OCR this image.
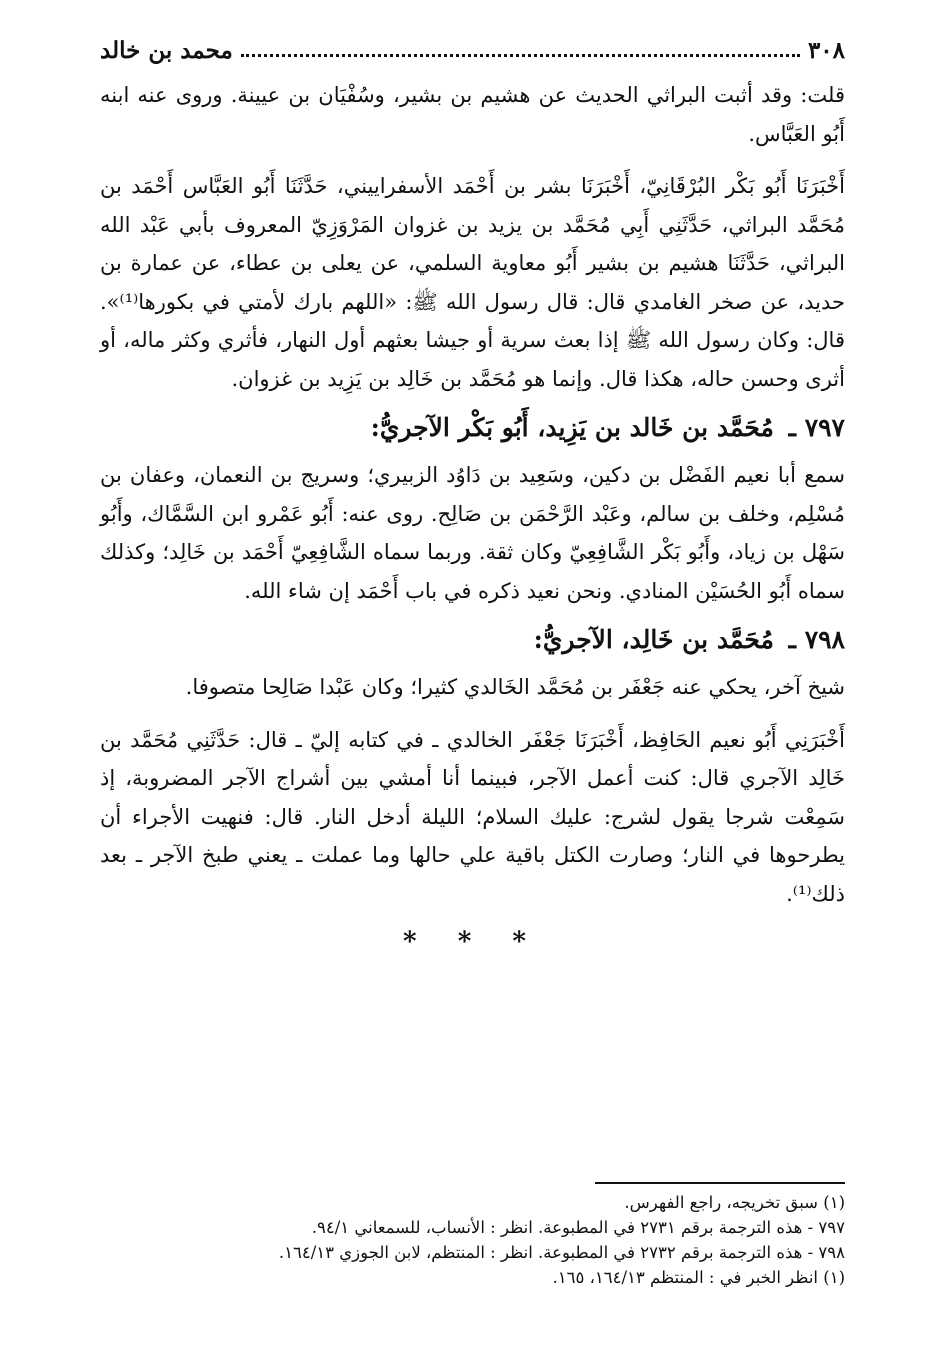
٣٠٨
محمد بن خالد

قلت: وقد أثبت البراثي الحديث عن هشيم بن بشير، وسُفْيَان بن عيينة. وروى عنه ابنه أَبُو العَبَّاس.

أَخْبَرَنَا أَبُو بَكْر البُرْقَانِيّ، أَخْبَرَنَا بشر بن أَحْمَد الأسفراييني، حَدَّثَنَا أَبُو العَبَّاس أَحْمَد بن مُحَمَّد البراثي، حَدَّثَنِي أَبِي مُحَمَّد بن يزيد بن غزوان المَرْوَزِيّ المعروف بأبي عَبْد الله البراثي، حَدَّثَنَا هشيم بن بشير أَبُو معاوية السلمي، عن يعلى بن عطاء، عن عمارة بن حديد، عن صخر الغامدي قال: قال رسول الله ﷺ: «اللهم بارك لأمتي في بكورها⁽¹⁾». قال: وكان رسول الله ﷺ إذا بعث سرية أو جيشا بعثهم أول النهار، فأثري وكثر ماله، أو أثرى وحسن حاله، هكذا قال. وإنما هو مُحَمَّد بن خَالِد بن يَزِيد بن غزوان.

٧٩٧ ـ مُحَمَّد بن خَالد بن يَزِيد، أَبُو بَكْر الآجريُّ:

سمع أبا نعيم الفَضْل بن دكين، وسَعِيد بن دَاوُد الزبيري؛ وسريج بن النعمان، وعفان بن مُسْلِم، وخلف بن سالم، وعَبْد الرَّحْمَن بن صَالِح. روى عنه: أَبُو عَمْرو ابن السَّمَّاك، وأَبُو سَهْل بن زياد، وأَبُو بَكْر الشَّافِعِيّ وكان ثقة. وربما سماه الشَّافِعِيّ أَحْمَد بن خَالِد؛ وكذلك سماه أَبُو الحُسَيْن المنادي. ونحن نعيد ذكره في باب أَحْمَد إن شاء الله.

٧٩٨ ـ مُحَمَّد بن خَالِد، الآجريُّ:

شيخ آخر، يحكي عنه جَعْفَر بن مُحَمَّد الخَالدي كثيرا؛ وكان عَبْدا صَالِحا متصوفا.

أَخْبَرَنِي أَبُو نعيم الحَافِظ، أَخْبَرَنَا جَعْفَر الخالدي ـ في كتابه إليّ ـ قال: حَدَّثَنِي مُحَمَّد بن خَالِد الآجري قال: كنت أعمل الآجر، فبينما أنا أمشي بين أشراج الآجر المضروبة، إذ سَمِعْت شرجا يقول لشرج: عليك السلام؛ الليلة أدخل النار. قال: فنهيت الأجراء أن يطرحوها في النار؛ وصارت الكتل باقية علي حالها وما عملت ـ يعني طبخ الآجر ـ بعد ذلك⁽¹⁾.

* * *

(١) سبق تخريجه، راجع الفهرس.

٧٩٧ - هذه الترجمة برقم ٢٧٣١ في المطبوعة. انظر : الأنساب، للسمعاني ٩٤/١.

٧٩٨ - هذه الترجمة برقم ٢٧٣٢ في المطبوعة. انظر : المنتظم، لابن الجوزي ١٦٤/١٣.

(١) انظر الخبر في : المنتظم ١٦٤/١٣، ١٦٥.
